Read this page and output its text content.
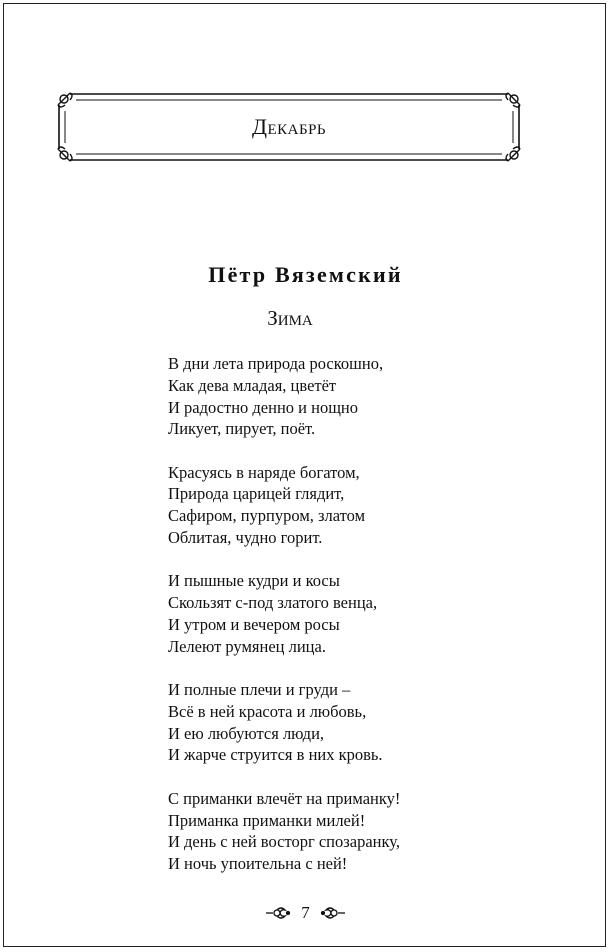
Декабрь
Пётр Вяземский
Зима
В дни лета природа роскошно,
Как дева младая, цветёт
И радостно денно и нощно
Ликует, пирует, поёт.
Красуясь в наряде богатом,
Природа царицей глядит,
Сафиром, пурпуром, златом
Облитая, чудно горит.
И пышные кудри и косы
Скользят с-под златого венца,
И утром и вечером росы
Лелеют румянец лица.
И полные плечи и груди –
Всё в ней красота и любовь,
И ею любуются люди,
И жарче струится в них кровь.
С приманки влечёт на приманку!
Приманка приманки милей!
И день с ней восторг спозаранку,
И ночь упоительна с ней!
7
